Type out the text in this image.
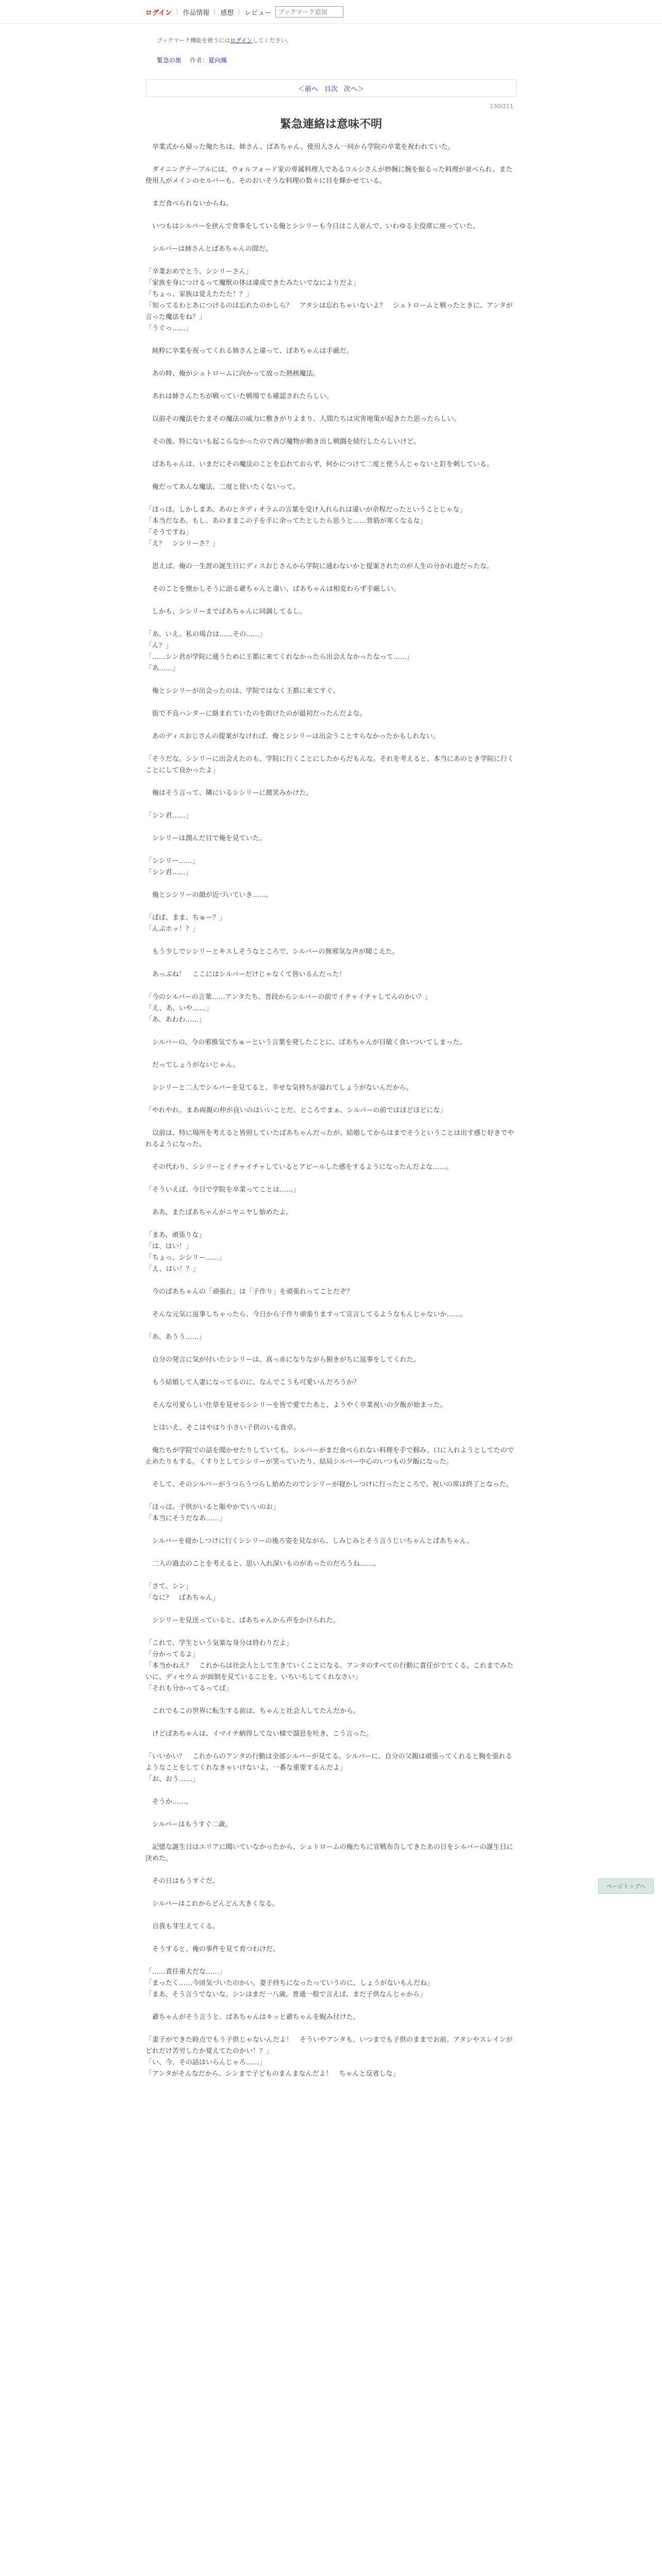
ログイン 作品情報 感想 レビュー
ブックマーク追加
ブックマーク機能を使うにはログインしてください。
緊急の旅 作者：夏向鳳
＜前へ 目次 次へ＞
130/211
緊急連絡は意味不明

　卒業式から帰った俺たちは、姉さん、ばあちゃん、使用人さん一同から学院の卒業を祝われていた。

　ダイニングテーブルには、ウォルフォード家の専属料理人であるコルシさんが妙腕に腕を振るった料理が並べられ、また使用人がメインのセルバーも、そのおいそうな料理の数々に目を輝かせている。

　まだ食べられないからね。

　いつもはシルバーを挟んで食事をしている俺とシシリーも今日はこ人並んで、いわゆる主役席に座っていた。

　シルバーは姉さんとばあちゃんの間だ。

「卒業おめでとう、シシリーさん」
「家族を身につけるって魔獣の体は違成できたみたいでなによりだよ」
「ちょっ、家族は覚えたたた！？」
「知ってるわとあにつけるのは忘れたのかしら？　アタシは忘れちゃいないよ？　シュトロームと戦ったときに、アンタが言った魔法をね？」
「うぐっ……」

　純粋に卒業を祝ってくれる姉さんと違って、ばあちゃんは手厳だ。

　あの時、俺がシュトロームに向かって放った熱核魔法。

　あれは姉さんたちが戦っていた戦場でも確認されたらしい。

　以前その魔法をたまその魔法の威力に敷きがりよまり、人間たちは灾害地策が起きたた思ったらしい。

　その後、特にないも起こらなかったので再び魔物が動き出し戦闘を続行したらしいけど。

　ばあちゃんは、いまだにその魔法のことを忘れておらず、何かにつけて二度と使うんじゃないと釘を刺している。

　俺だってあんな魔法、二度と使いたくないって。

「ほっほ。しかしまあ、あのとタディオラムの言葉を受け入れられは違いが余程だったということじゃな」
「本当だなあ。もし、あのままこの子を手に余ってたとしたら思うと……背筋が寒くなるな」
「そうですね」
「え？　シシリーさ？」

　思えば、俺の一生涯の誕生日にディスおじさんから学院に通わないかと提案されたのが人生の分かれ道だったな。

　そのことを懐かしそうに語る爺ちゃんと違い、ばあちゃんは相変わらず手厳しい。

　しかも、シシリーまでばあちゃんに同調してるし。

「あ、いえ。私の場合は……その……」
「ん？」
「……シン君が学院に通うために王都に来てくれなかったら出会えなかったなって……」
「あ……」

　俺とシシリーが出会ったのは、学院ではなく王都に来てすぐ。

　街で不良ハンターに絡まれていたのを助けたのが最初だったんだよな。

　あのディスおじさんの提案がなければ、俺とシシリーは出会うことすらなかったかもしれない。

「そうだな。シシリーに出会えたのも、学院に行くことにしたからだもんな。それを考えると、本当にあのとき学院に行くことにして良かったよ」

　俺はそう言って、隣にいるシシリーに微笑みかけた。

「シン君……」

　シシリーは潤んだ目で俺を見ていた。

「シシリー……」
「シン君……」

　俺とシシリーの顔が近づいていき……。

「ぱぱ、まま、ちゅー？」
「んぶホッ！？」

　もう少しでシシリーとキスしそうなところで、シルバーの無邪気な声が聞こえた。

　あっぶね！　ここにはシルバーだけじゃなくて皆いるんだった！

「今のシルバーの言葉……アンタたち、普段からシルバーの前でイチャイチャしてんのかい？」
「え、あ、いや……」
「あ、あわわ……」

　シルバーの、今の邪推気でちゅーという言葉を発したことに、ばあちゃんが目敏く食いついてしまった。

　だってしょうがないじゃん。

　シシリーと二人でシルバーを見てると、幸せな気持ちが溢れてしょうがないんだから。

「やれやれ。まあ両親の仲が良いのはいいことだ。ところでまぁ、シルバーの前ではほどほどにな」

　以前は、特に場所を考えると皆照していたばあちゃんだったが、結婚してからはまでそうということは出す感じ好きでやれるようになった。

　その代わり、シシリーとイチャイチャしているとアピールした感をするようになったんだよな……。

「そういえば、今日で学院を卒業ってことは……」

　ああ、またばあちゃんがニヤニヤし始めたよ。

「まあ、頑張りな」
「は、はい！」
「ちょっ、シシリー……」
「え、はい！？」

　今のばあちゃんの「頑張れ」は「子作り」を頑張れってことだぞ？

　そんな元気に返事しちゃったら、今日から子作り頑張りますって宣言してるようなもんじゃないか……。

「あ、あうう……」

　自分の発言に気が付いたシシリーは、真っ赤になりながら俯きがちに返事をしてくれた。

　もう結婚して人妻になってるのに、なんでこうも可愛いんだろうか？

　そんな可愛らしい仕草を見せるシシリーを皆で愛でたあと、ようやく卒業祝いの夕飯が始まった。

　とはいえ、そこはやはり小さい子供のいる食卓。

　俺たちが学院での話を聞かせたりしていても、シルバーがまだ食べられない料理を手で掴み、口に入れようとしてたので止めたりもする。くすりとしてシシリーが笑っていたり、結局シルバー中心のいつもの夕飯になった。

　そして、そのシルバーがうつらうつらし始めたのでシシリーが寝かしつけに行ったところで、祝いの席は終了となった。

「ほっほ。子供がいると賑やかでいいのお」
「本当にそうだなあ……」

　シルバーを寝かしつけに行くシシリーの後ろ姿を見ながら、しみじみとそう言うじいちゃんとばあちゃん。

　二人の過去のことを考えると、思い入れ深いものがあったのだろうね……。

「さて、シン」
「なに？　ばあちゃん」

　シシリーを見送っていると、ばあちゃんから声をかけられた。

「これで、学生という気楽な身分は終わりだよ」
「分かってるよ」
「本当かねえ？　これからは社会人として生きていくことになる。アンタのすべての行動に責任がでてくる。これまでみたいに、ディセウム が面倒を見ていることを、いちいちしてくれなさい」
「それも分かってるってば」

　これでもこの世界に転生する前は、ちゃんと社会人してたんだから。

　けどばあちゃんは、イマイチ納得してない様で溜息を吐き、こう言った。

「いいかい？　これからのアンタの行動は全部シルバーが見てる。シルバーに、自分の父親は頑張ってくれると胸を張れるようなことをしてくれなきゃいけないよ。一番な重要するんだよ」
「お、おう……」

　そうか……。

　シルバーはもうすぐ二歳。

　記憶な誕生日はエリアに聞いていなかったから、シュトロームの俺たちに宣戦布告してきたあの日をシルバーの誕生日に決めた。

　その日はもうすぐだ。

　シルバーはこれからどんどん大きくなる。

　自我も芽生えてくる。

　そうすると、俺の事件を見て育つわけだ。

「……責任重大だな……」
「まったく……今頃気づいたのかい。妻子持ちになったっていうのに、しょうがないもんだね」
「まあ、そう言うでないな。シンはまだ一八歳。普通一般で言えば、まだ子供なんじゃから」

　爺ちゃんがそう言うと、ばあちゃんはキッと爺ちゃんを睨み付けた。

「妻子ができた時点でもう子供じゃないんだよ！　そういやアンタも、いつまでも子供のままでお前、アタシやスレインがどれだけ苦労したか覚えてたのかい！？」
「い、今、その話はいらんじゃろ……」
「アンタがそんなだから、シンまで子どものまんまなんだよ！　ちゃんと反省しな」

ページトップへ
